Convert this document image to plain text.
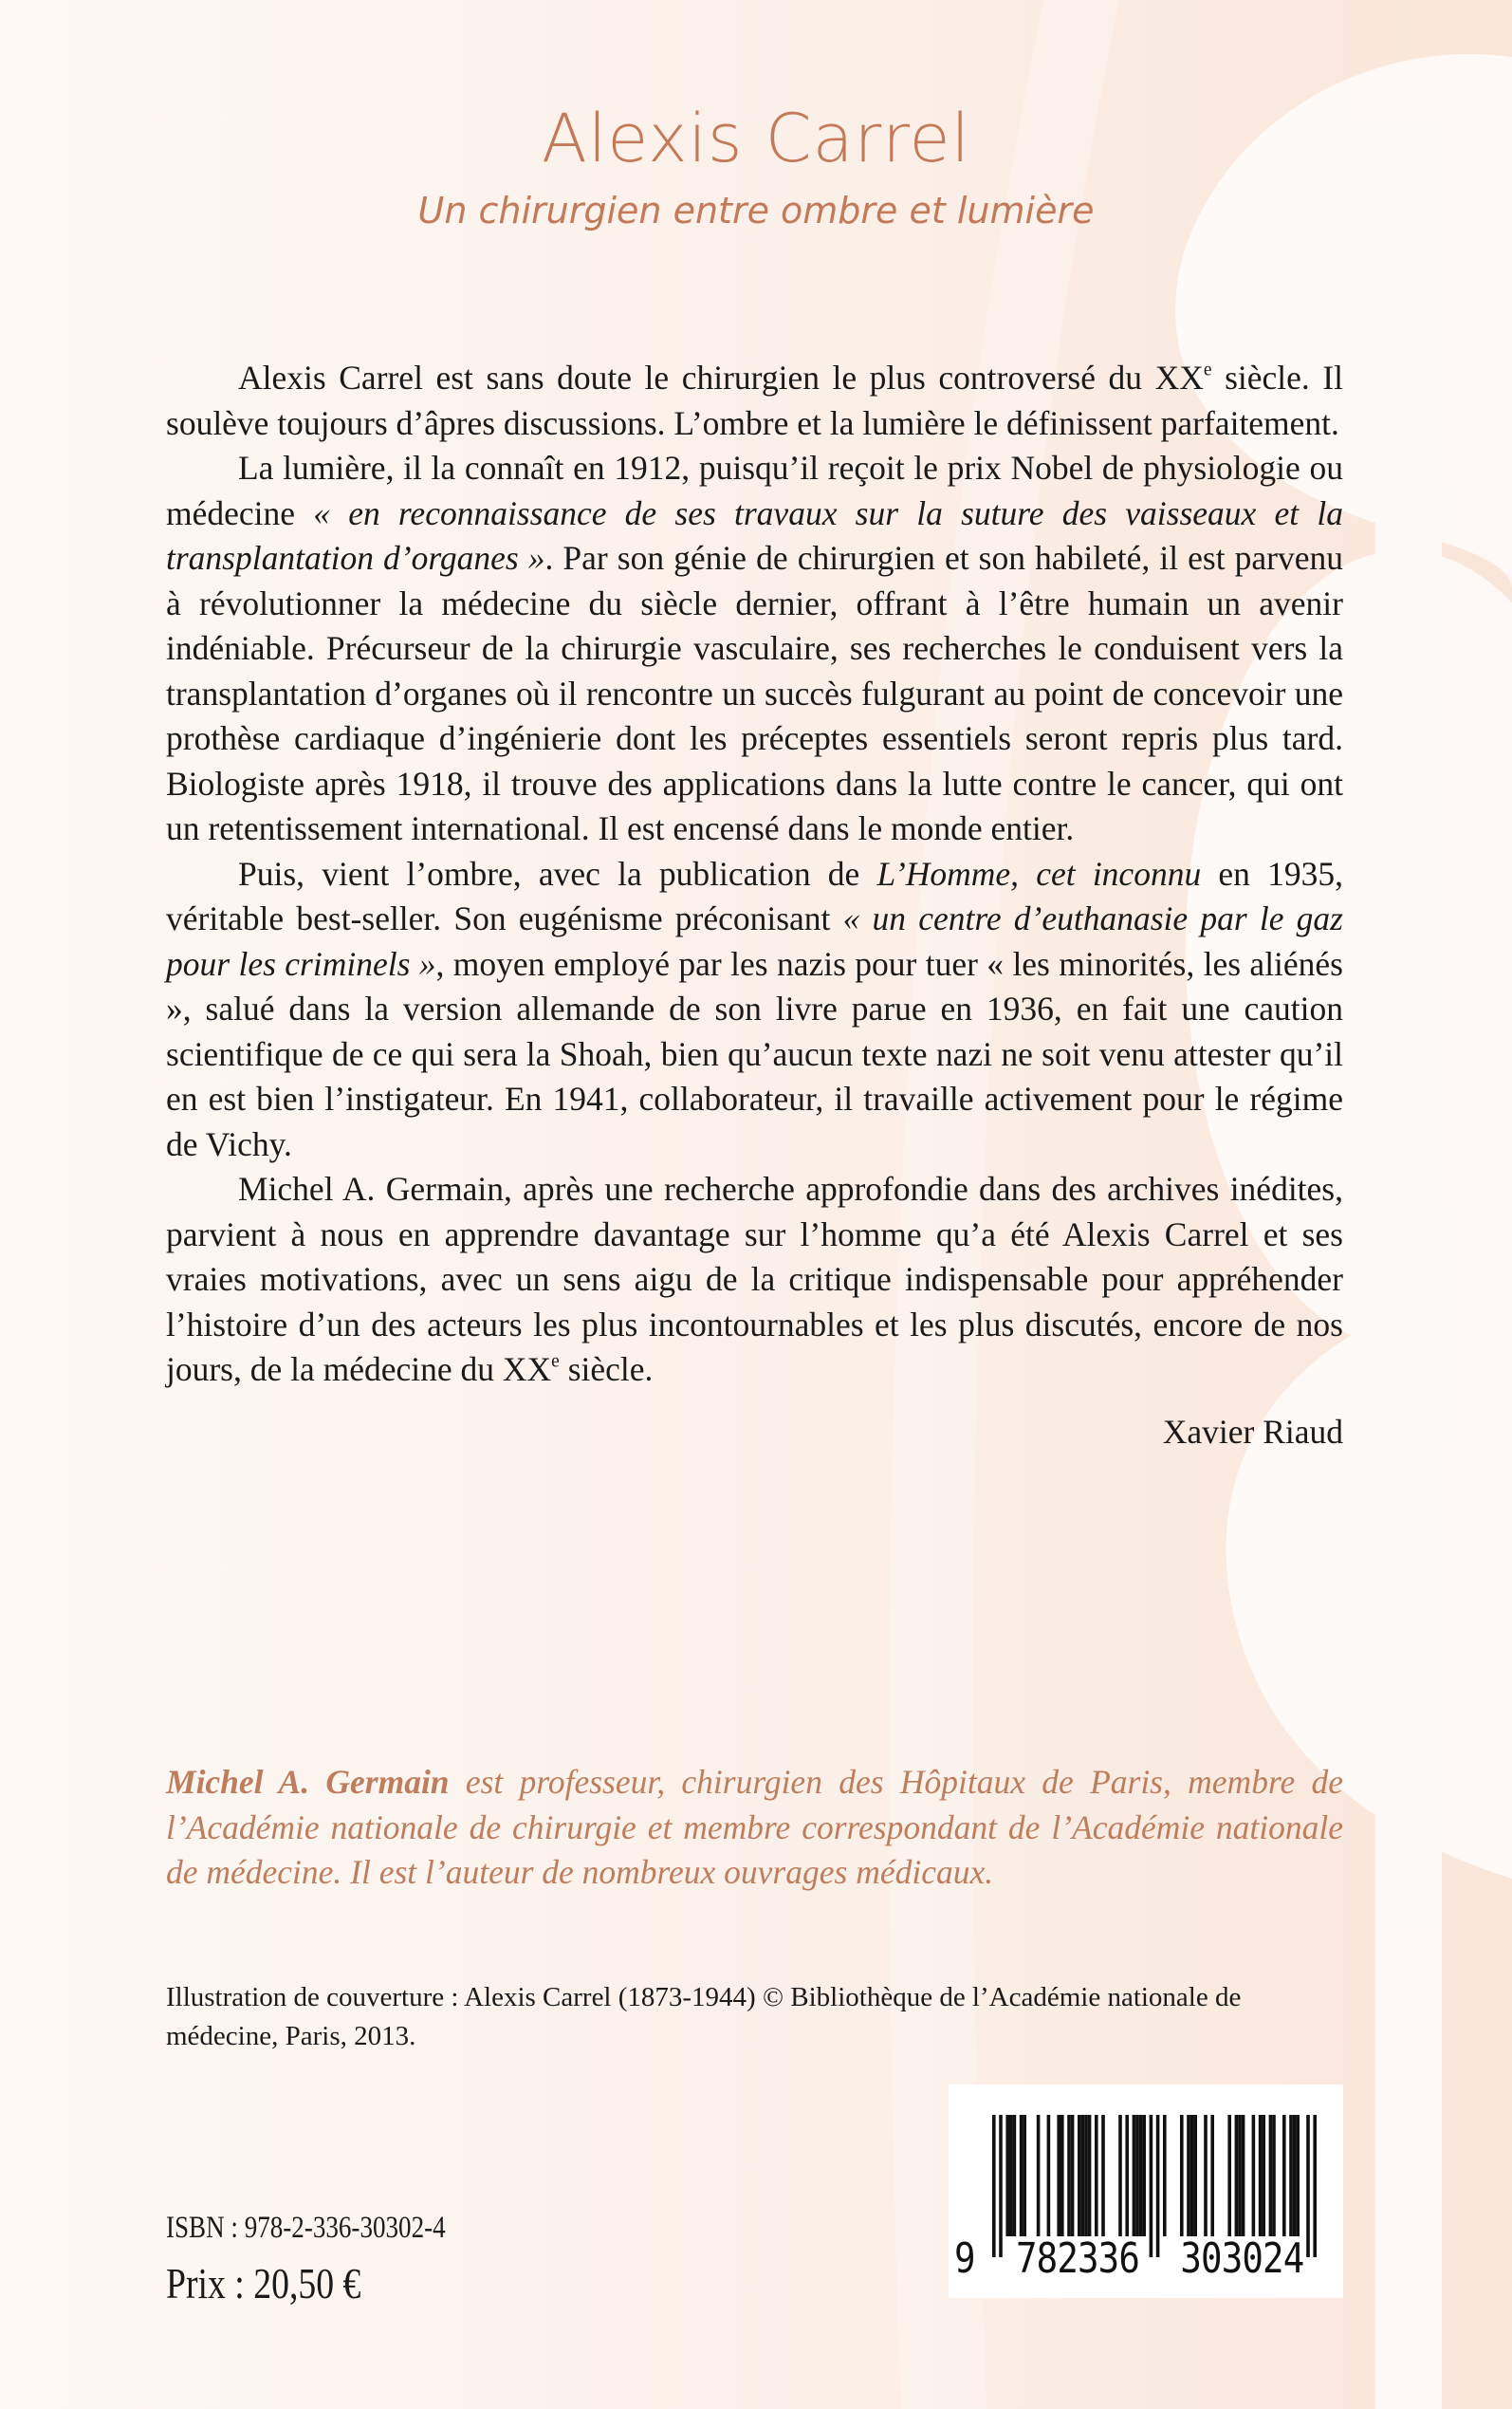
Alexis Carrel
Un chirurgien entre ombre et lumière

Alexis Carrel est sans doute le chirurgien le plus controversé du XXe siècle. Il soulève toujours d’âpres discussions. L’ombre et la lumière le définissent parfaitement.

La lumière, il la connaît en 1912, puisqu’il reçoit le prix Nobel de physiologie ou médecine « en reconnaissance de ses travaux sur la suture des vaisseaux et la transplantation d’organes ». Par son génie de chirurgien et son habileté, il est parvenu à révolutionner la médecine du siècle dernier, offrant à l’être humain un avenir indéniable. Précurseur de la chirurgie vasculaire, ses recherches le conduisent vers la transplantation d’organes où il rencontre un succès fulgurant au point de concevoir une prothèse cardiaque d’ingénierie dont les préceptes essentiels seront repris plus tard. Biologiste après 1918, il trouve des applications dans la lutte contre le cancer, qui ont un retentissement international. Il est encensé dans le monde entier.

Puis, vient l’ombre, avec la publication de L’Homme, cet inconnu en 1935, véritable best-seller. Son eugénisme préconisant « un centre d’euthanasie par le gaz pour les criminels », moyen employé par les nazis pour tuer « les minorités, les aliénés », salué dans la version allemande de son livre parue en 1936, en fait une caution scientifique de ce qui sera la Shoah, bien qu’aucun texte nazi ne soit venu attester qu’il en est bien l’instigateur. En 1941, collaborateur, il travaille activement pour le régime de Vichy.

Michel A. Germain, après une recherche approfondie dans des archives inédites, parvient à nous en apprendre davantage sur l’homme qu’a été Alexis Carrel et ses vraies motivations, avec un sens aigu de la critique indispensable pour appréhender l’histoire d’un des acteurs les plus incontournables et les plus discutés, encore de nos jours, de la médecine du XXe siècle.

Xavier Riaud

Michel A. Germain est professeur, chirurgien des Hôpitaux de Paris, membre de l’Académie nationale de chirurgie et membre correspondant de l’Académie nationale de médecine. Il est l’auteur de nombreux ouvrages médicaux.
Illustration de couverture : Alexis Carrel (1873-1944) © Bibliothèque de l’Académie nationale de médecine, Paris, 2013.
ISBN : 978-2-336-30302-4
Prix : 20,50 €
9 782336 303024
